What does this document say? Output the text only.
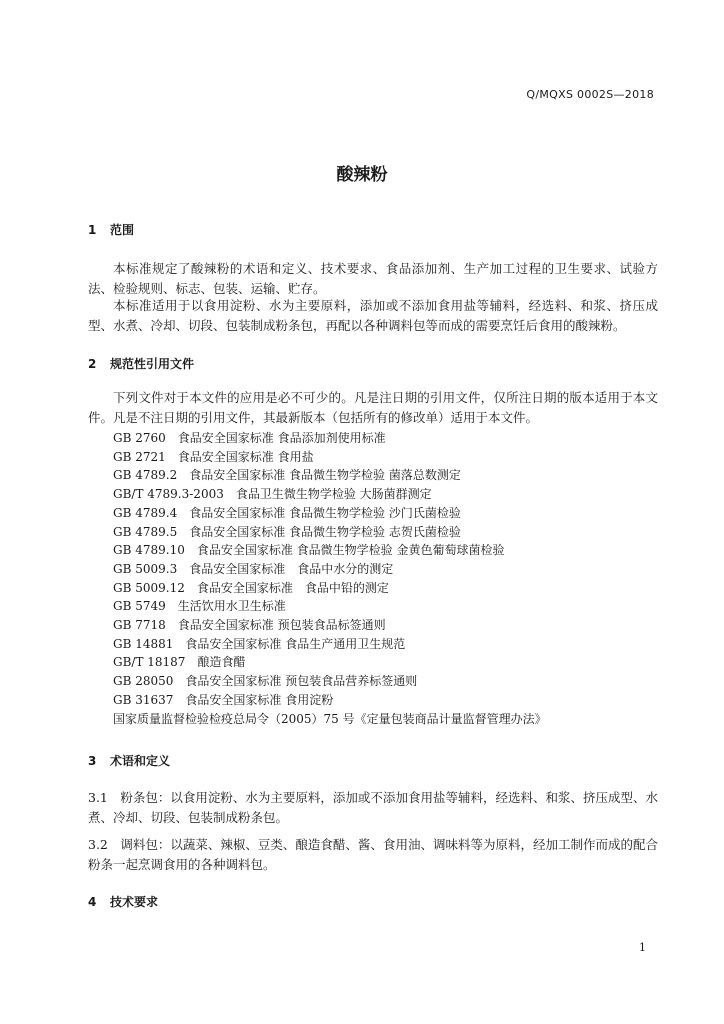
Q/MQXS 0002S—2018
酸辣粉
1 范围
本标准规定了酸辣粉的术语和定义、技术要求、食品添加剂、生产加工过程的卫生要求、试验方法、检验规则、标志、包装、运输、贮存。
本标准适用于以食用淀粉、水为主要原料，添加或不添加食用盐等辅料，经选料、和浆、挤压成型、水煮、冷却、切段、包装制成粉条包，再配以各种调料包等而成的需要烹饪后食用的酸辣粉。
2 规范性引用文件
下列文件对于本文件的应用是必不可少的。凡是注日期的引用文件，仅所注日期的版本适用于本文件。凡是不注日期的引用文件，其最新版本（包括所有的修改单）适用于本文件。
GB 2760　食品安全国家标准 食品添加剂使用标准
GB 2721　食品安全国家标准 食用盐
GB 4789.2　食品安全国家标准 食品微生物学检验 菌落总数测定
GB/T 4789.3-2003　食品卫生微生物学检验 大肠菌群测定
GB 4789.4　食品安全国家标准 食品微生物学检验 沙门氏菌检验
GB 4789.5　食品安全国家标准 食品微生物学检验 志贺氏菌检验
GB 4789.10　食品安全国家标准 食品微生物学检验 金黄色葡萄球菌检验
GB 5009.3　食品安全国家标准　食品中水分的测定
GB 5009.12　食品安全国家标准　食品中铅的测定
GB 5749　生活饮用水卫生标准
GB 7718　食品安全国家标准 预包装食品标签通则
GB 14881　食品安全国家标准 食品生产通用卫生规范
GB/T 18187　酿造食醋
GB 28050　食品安全国家标准 预包装食品营养标签通则
GB 31637　食品安全国家标准 食用淀粉
国家质量监督检验检疫总局令（2005）75 号《定量包装商品计量监督管理办法》
3 术语和定义
3.1　粉条包：以食用淀粉、水为主要原料，添加或不添加食用盐等辅料，经选料、和浆、挤压成型、水煮、冷却、切段、包装制成粉条包。
3.2　调料包：以蔬菜、辣椒、豆类、酿造食醋、酱、食用油、调味料等为原料，经加工制作而成的配合粉条一起烹调食用的各种调料包。
4 技术要求
1
